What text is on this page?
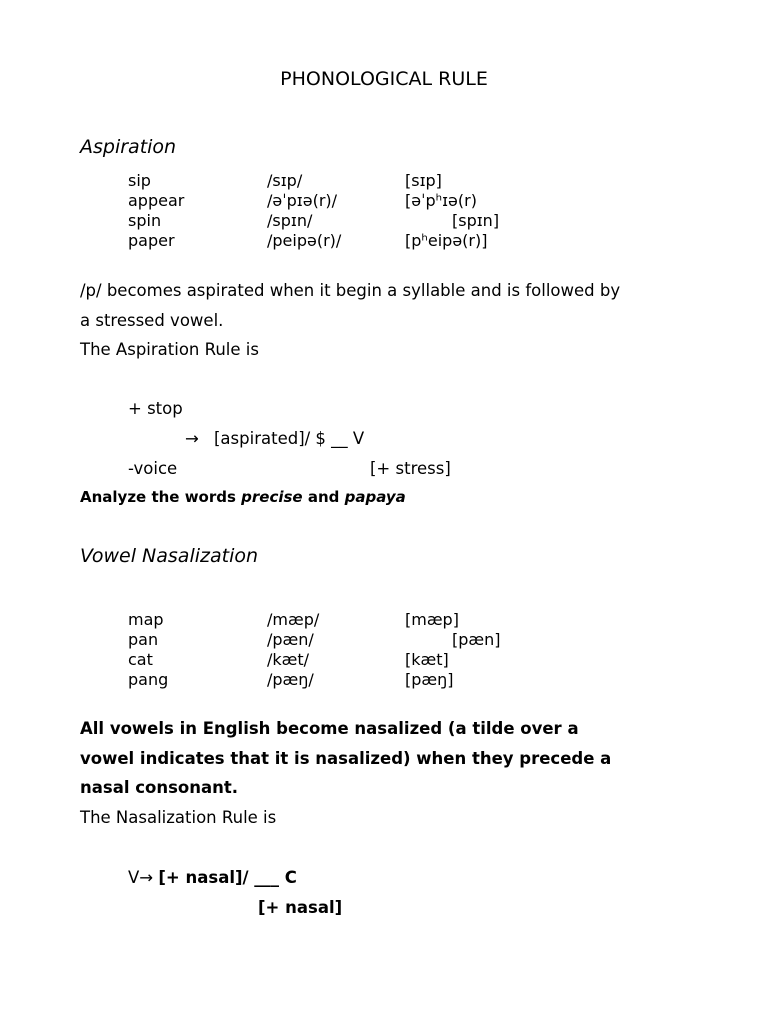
PHONOLOGICAL RULE
Aspiration
sip	/sɪp/	[sɪp]
appear	/əˈpɪə(r)/	[əˈpʰɪə(r)
spin	/spɪn/	[spɪn]
paper	/peipə(r)/	[pʰeipə(r)]
/p/ becomes aspirated when it begin a syllable and is followed by
a stressed vowel.
The Aspiration Rule is
+ stop
→ [aspirated]/ $ __ V
-voice	[+ stress]
Analyze the words precise and papaya
Vowel Nasalization
map	/mæp/	[mæp]
pan	/pæn/	[pæn]
cat	/kæt/	[kæt]
pang	/pæŋ/	[pæŋ]
All vowels in English become nasalized (a tilde over a
vowel indicates that it is nasalized) when they precede a
nasal consonant.
The Nasalization Rule is
V→ [+ nasal]/ ___ C
[+ nasal]
